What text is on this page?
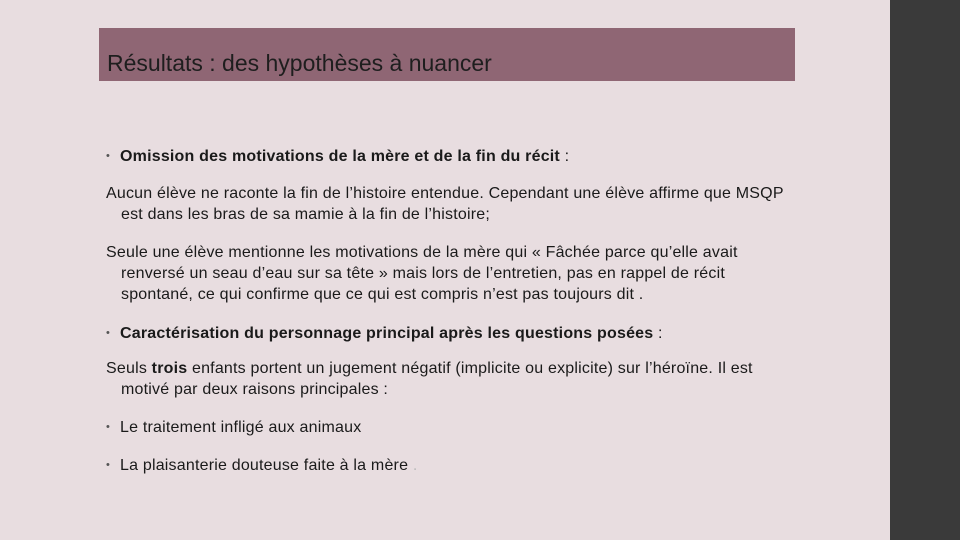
Résultats : des hypothèses à nuancer
• Omission des motivations de la mère et de la fin du récit :
Aucun élève ne raconte la fin de l’histoire entendue. Cependant une élève affirme que MSQP est dans les bras de sa mamie à la fin de l’histoire;
Seule une élève mentionne les motivations de la mère qui « Fâchée parce qu’elle avait renversé un seau d’eau sur sa tête » mais lors de l’entretien, pas en rappel de récit spontané, ce qui confirme que ce qui est compris n’est pas toujours dit .
• Caractérisation du personnage principal après les questions posées :
Seuls trois enfants portent un jugement négatif (implicite ou explicite) sur l’héroïne. Il est motivé par deux raisons principales :
• Le traitement infligé aux animaux
• La plaisanterie douteuse faite à la mère .
